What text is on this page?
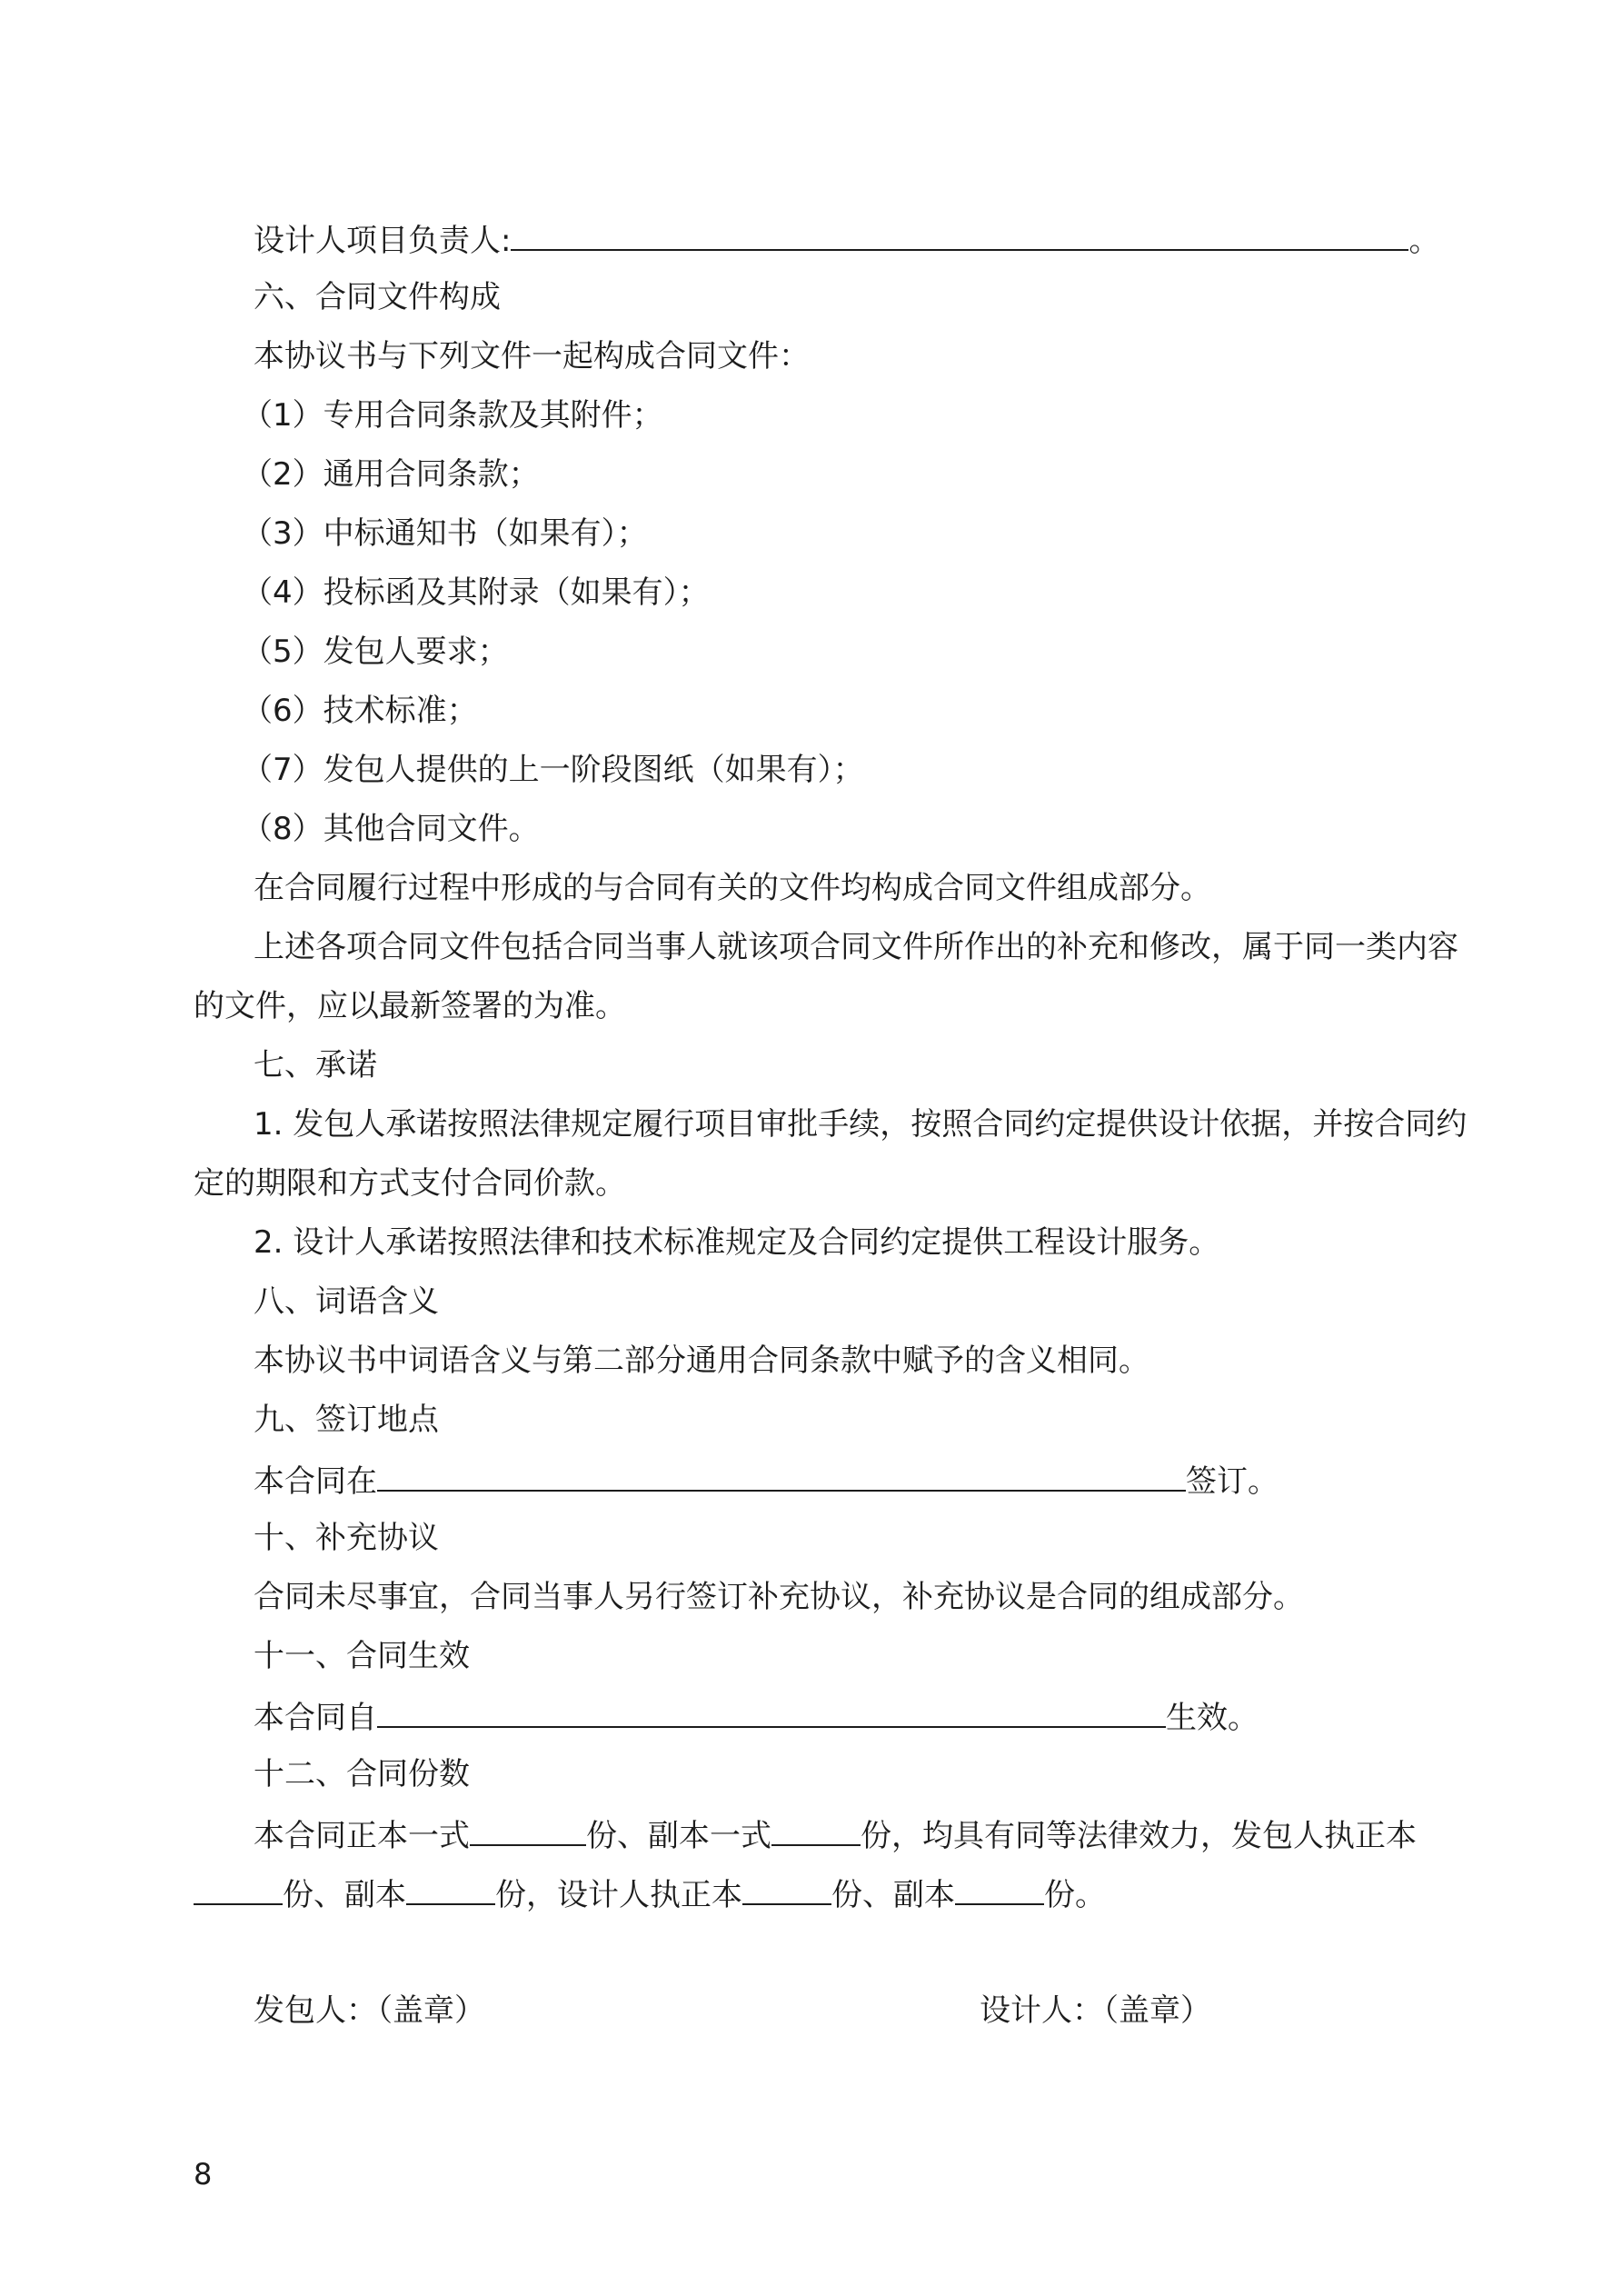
设计人项目负责人:	。
六、合同文件构成
本协议书与下列文件一起构成合同文件：
（1）专用合同条款及其附件；
（2）通用合同条款；
（3）中标通知书（如果有）；
（4）投标函及其附录（如果有）；
（5）发包人要求；
（6）技术标准；
（7）发包人提供的上一阶段图纸（如果有）；
（8）其他合同文件。
在合同履行过程中形成的与合同有关的文件均构成合同文件组成部分。
上述各项合同文件包括合同当事人就该项合同文件所作出的补充和修改，属于同一类内容
的文件，应以最新签署的为准。
七、承诺
1. 发包人承诺按照法律规定履行项目审批手续，按照合同约定提供设计依据，并按合同约
定的期限和方式支付合同价款。
2. 设计人承诺按照法律和技术标准规定及合同约定提供工程设计服务。
八、词语含义
本协议书中词语含义与第二部分通用合同条款中赋予的含义相同。
九、签订地点
本合同在	签订。
十、补充协议
合同未尽事宜，合同当事人另行签订补充协议，补充协议是合同的组成部分。
十一、合同生效
本合同自	生效。
十二、合同份数
本合同正本一式	份、副本一式	份，均具有同等法律效力，发包人执正本
份、副本	份，设计人执正本	份、副本	份。
发包人：（盖章）	设计人：（盖章）
8
